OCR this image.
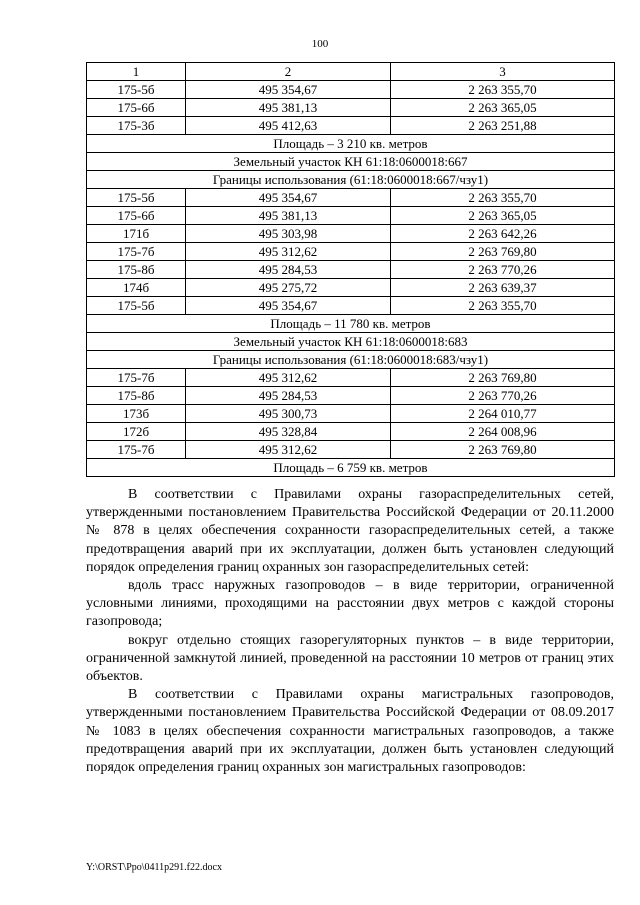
100
1	2	3
175-5б	495 354,67	2 263 355,70
175-6б	495 381,13	2 263 365,05
175-3б	495 412,63	2 263 251,88
Площадь – 3 210 кв. метров		
Земельный участок КН 61:18:0600018:667		
Границы использования (61:18:0600018:667/чзу1)		
175-5б	495 354,67	2 263 355,70
175-6б	495 381,13	2 263 365,05
171б	495 303,98	2 263 642,26
175-7б	495 312,62	2 263 769,80
175-8б	495 284,53	2 263 770,26
174б	495 275,72	2 263 639,37
175-5б	495 354,67	2 263 355,70
Площадь – 11 780 кв. метров		
Земельный участок КН 61:18:0600018:683		
Границы использования (61:18:0600018:683/чзу1)		
175-7б	495 312,62	2 263 769,80
175-8б	495 284,53	2 263 770,26
173б	495 300,73	2 264 010,77
172б	495 328,84	2 264 008,96
175-7б	495 312,62	2 263 769,80
Площадь – 6 759 кв. метров		

В соответствии с Правилами охраны газораспределительных сетей, утвержденными постановлением Правительства Российской Федерации от 20.11.2000 № 878 в целях обеспечения сохранности газораспределительных сетей, а также предотвращения аварий при их эксплуатации, должен быть установлен следующий порядок определения границ охранных зон газораспределительных сетей:

вдоль трасс наружных газопроводов – в виде территории, ограниченной условными линиями, проходящими на расстоянии двух метров с каждой стороны газопровода;

вокруг отдельно стоящих газорегуляторных пунктов – в виде территории, ограниченной замкнутой линией, проведенной на расстоянии 10 метров от границ этих объектов.

В соответствии с Правилами охраны магистральных газопроводов, утвержденными постановлением Правительства Российской Федерации от 08.09.2017 № 1083 в целях обеспечения сохранности магистральных газопроводов, а также предотвращения аварий при их эксплуатации, должен быть установлен следующий порядок определения границ охранных зон магистральных газопроводов:

Y:\ORST\Ppo\0411p291.f22.docx
